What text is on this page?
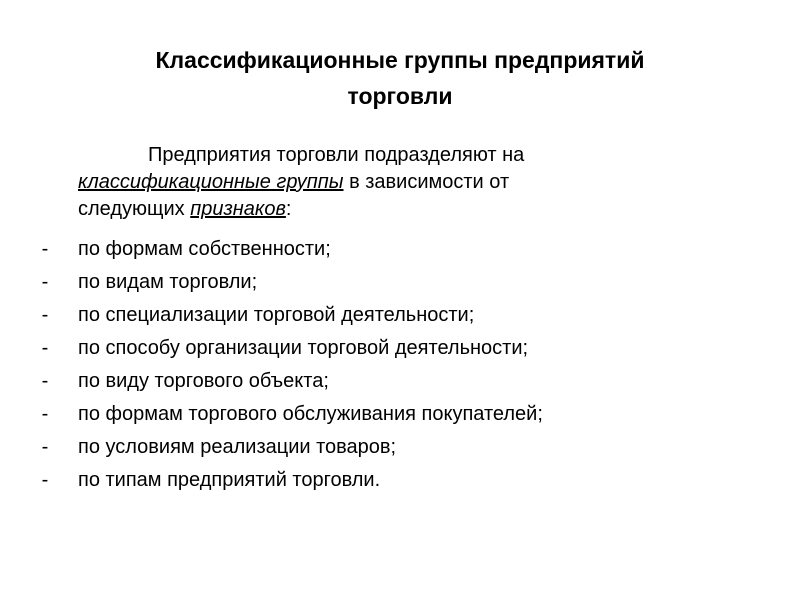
Классификационные группы предприятий
торговли

Предприятия торговли подразделяют на
классификационные группы в зависимости от
следующих признаков:

-	по формам собственности;
-	по видам торговли;
-	по специализации торговой деятельности;
-	по способу организации торговой деятельности;
-	по виду торгового объекта;
-	по формам торгового обслуживания покупателей;
-	по условиям реализации товаров;
-	по типам предприятий торговли.
